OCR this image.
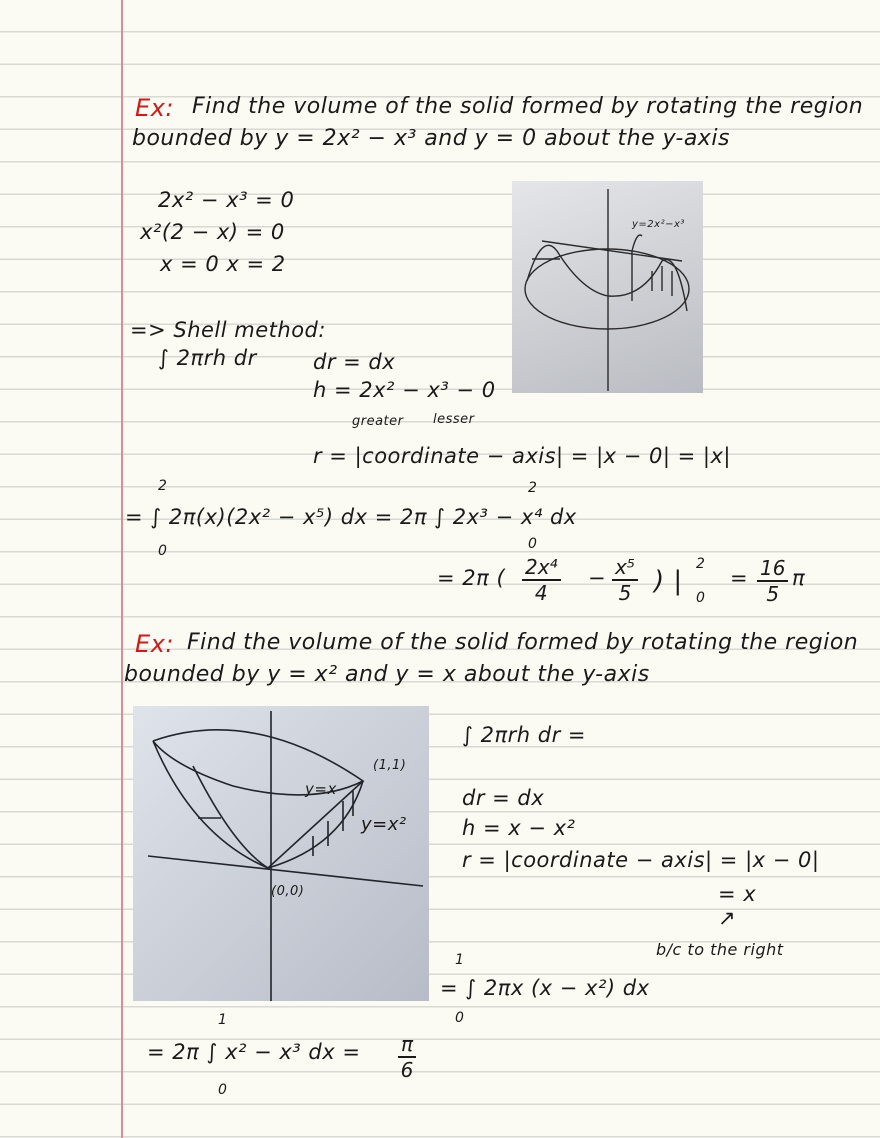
Ex: Find the volume of the solid formed by rotating the region
bounded by y = 2x² − x³ and y = 0 about the y-axis
2x² − x³ = 0
x²(2 − x) = 0
x = 0 x = 2
y=2x²−x³
=> Shell method:
∫ 2πrh dr	dr = dx
h = 2x² − x³ − 0
greater lesser
r = |coordinate − axis| = |x − 0| = |x|
2
0
2
0
= ∫ 2π(x)(2x² − x⁵) dx = 2π ∫ 2x³ − x⁴ dx
= 2π ( $\frac{\text{2x⁴}}{4} - \frac{\text{x⁵}}{5}$ ) |
2
0
= $\frac{16}{5}$ π
Ex: Find the volume of the solid formed by rotating the region
bounded by y = x² and y = x about the y-axis
(1,1)
y=x
y=x²
(0,0)
∫ 2πrh dr =
dr = dx
h = x − x²
r = |coordinate − axis| = |x − 0|
= x
↗
b/c to the right
1
0
= ∫ 2πx (x − x²) dx
1
0
= 2π ∫ x² − x³ dx = $\frac{\pi}{6}$
